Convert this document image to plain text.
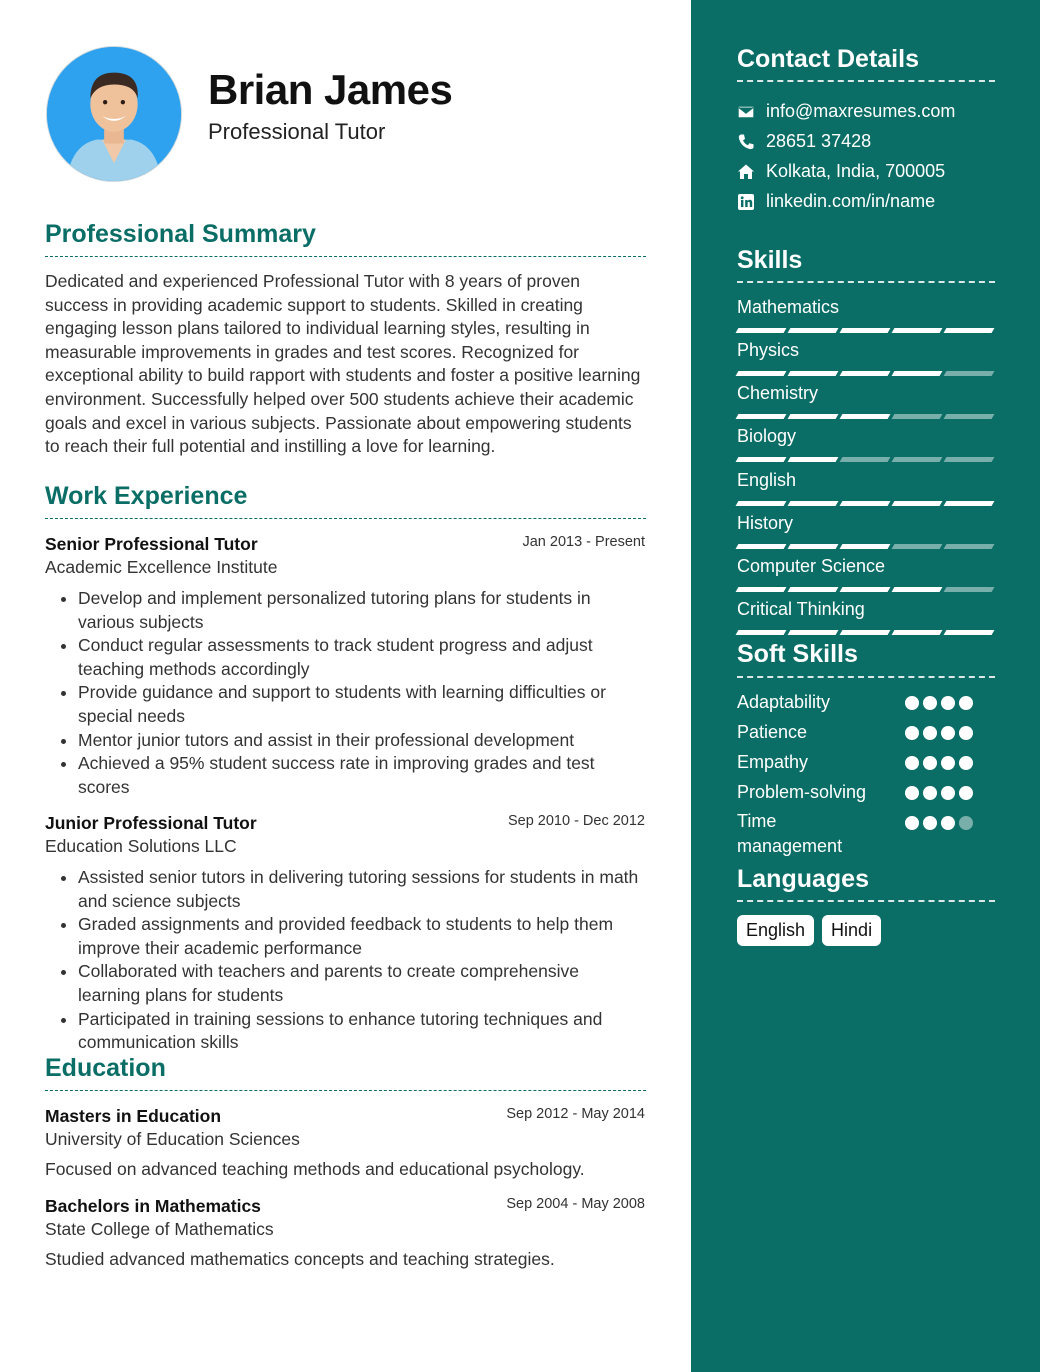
Brian James
Professional Tutor
Professional Summary
Dedicated and experienced Professional Tutor with 8 years of proven success in providing academic support to students. Skilled in creating engaging lesson plans tailored to individual learning styles, resulting in measurable improvements in grades and test scores. Recognized for exceptional ability to build rapport with students and foster a positive learning environment. Successfully helped over 500 students achieve their academic goals and excel in various subjects. Passionate about empowering students to reach their full potential and instilling a love for learning.
Work Experience
Senior Professional Tutor	Jan 2013 - Present
Academic Excellence Institute
• Develop and implement personalized tutoring plans for students in various subjects
• Conduct regular assessments to track student progress and adjust teaching methods accordingly
• Provide guidance and support to students with learning difficulties or special needs
• Mentor junior tutors and assist in their professional development
• Achieved a 95% student success rate in improving grades and test scores
Junior Professional Tutor	Sep 2010 - Dec 2012
Education Solutions LLC
• Assisted senior tutors in delivering tutoring sessions for students in math and science subjects
• Graded assignments and provided feedback to students to help them improve their academic performance
• Collaborated with teachers and parents to create comprehensive learning plans for students
• Participated in training sessions to enhance tutoring techniques and communication skills
Education
Masters in Education	Sep 2012 - May 2014
University of Education Sciences
Focused on advanced teaching methods and educational psychology.
Bachelors in Mathematics	Sep 2004 - May 2008
State College of Mathematics
Studied advanced mathematics concepts and teaching strategies.
Contact Details
info@maxresumes.com
28651 37428
Kolkata, India, 700005
linkedin.com/in/name
Skills
Mathematics
Physics
Chemistry
Biology
English
History
Computer Science
Critical Thinking
Soft Skills
Adaptability
Patience
Empathy
Problem-solving
Time management
Languages
English	Hindi
